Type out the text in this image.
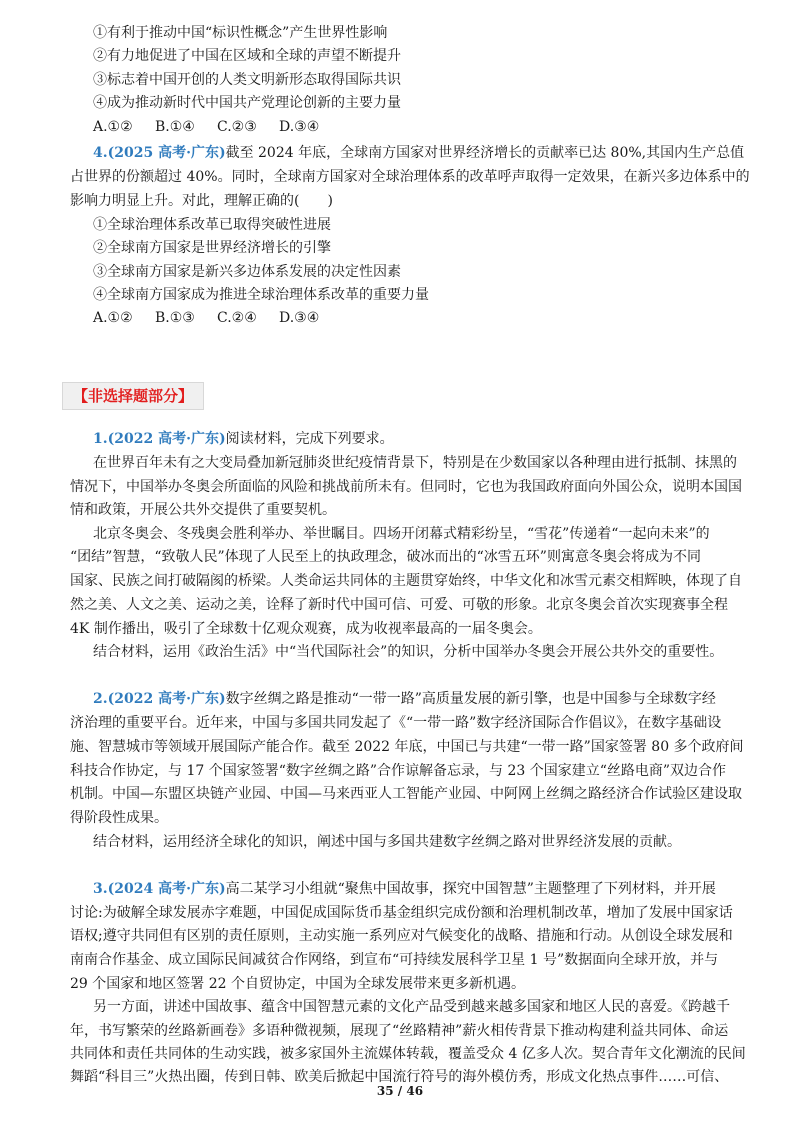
①有利于推动中国“标识性概念”产生世界性影响
②有力地促进了中国在区域和全球的声望不断提升
③标志着中国开创的人类文明新形态取得国际共识
④成为推动新时代中国共产党理论创新的主要力量
A.①② B.①④ C.②③ D.③④
4.(2025 高考·广东)截至 2024 年底，全球南方国家对世界经济增长的贡献率已达 80%,其国内生产总值
占世界的份额超过 40%。同时，全球南方国家对全球治理体系的改革呼声取得一定效果，在新兴多边体系中的
影响力明显上升。对此，理解正确的(　　)
①全球治理体系改革已取得突破性进展
②全球南方国家是世界经济增长的引擎
③全球南方国家是新兴多边体系发展的决定性因素
④全球南方国家成为推进全球治理体系改革的重要力量
A.①② B.①③ C.②④ D.③④
【非选择题部分】
1.(2022 高考·广东)阅读材料，完成下列要求。
在世界百年未有之大变局叠加新冠肺炎世纪疫情背景下，特别是在少数国家以各种理由进行抵制、抹黑的
情况下，中国举办冬奥会所面临的风险和挑战前所未有。但同时，它也为我国政府面向外国公众，说明本国国
情和政策，开展公共外交提供了重要契机。
北京冬奥会、冬残奥会胜利举办、举世瞩目。四场开闭幕式精彩纷呈，“雪花”传递着“一起向未来”的
“团结”智慧，“致敬人民”体现了人民至上的执政理念，破冰而出的“冰雪五环”则寓意冬奥会将成为不同
国家、民族之间打破隔阂的桥梁。人类命运共同体的主题贯穿始终，中华文化和冰雪元素交相辉映，体现了自
然之美、人文之美、运动之美，诠释了新时代中国可信、可爱、可敬的形象。北京冬奥会首次实现赛事全程
4K 制作播出，吸引了全球数十亿观众观赛，成为收视率最高的一届冬奥会。
结合材料，运用《政治生活》中“当代国际社会”的知识，分析中国举办冬奥会开展公共外交的重要性。
2.(2022 高考·广东)数字丝绸之路是推动“一带一路”高质量发展的新引擎，也是中国参与全球数字经
济治理的重要平台。近年来，中国与多国共同发起了《“一带一路”数字经济国际合作倡议》，在数字基础设
施、智慧城市等领域开展国际产能合作。截至 2022 年底，中国已与共建“一带一路”国家签署 80 多个政府间
科技合作协定，与 17 个国家签署“数字丝绸之路”合作谅解备忘录，与 23 个国家建立“丝路电商”双边合作
机制。中国—东盟区块链产业园、中国—马来西亚人工智能产业园、中阿网上丝绸之路经济合作试验区建设取
得阶段性成果。
结合材料，运用经济全球化的知识，阐述中国与多国共建数字丝绸之路对世界经济发展的贡献。
3.(2024 高考·广东)高二某学习小组就“聚焦中国故事，探究中国智慧”主题整理了下列材料，并开展
讨论:为破解全球发展赤字难题，中国促成国际货币基金组织完成份额和治理机制改革，增加了发展中国家话
语权;遵守共同但有区别的责任原则，主动实施一系列应对气候变化的战略、措施和行动。从创设全球发展和
南南合作基金、成立国际民间减贫合作网络，到宣布“可持续发展科学卫星 1 号”数据面向全球开放，并与
29 个国家和地区签署 22 个自贸协定，中国为全球发展带来更多新机遇。
另一方面，讲述中国故事、蕴含中国智慧元素的文化产品受到越来越多国家和地区人民的喜爱。《跨越千
年，书写繁荣的丝路新画卷》多语种微视频，展现了“丝路精神”薪火相传背景下推动构建利益共同体、命运
共同体和责任共同体的生动实践，被多家国外主流媒体转载，覆盖受众 4 亿多人次。契合青年文化潮流的民间
舞蹈“科目三”火热出圈，传到日韩、欧美后掀起中国流行符号的海外模仿秀，形成文化热点事件……可信、
35 / 46
